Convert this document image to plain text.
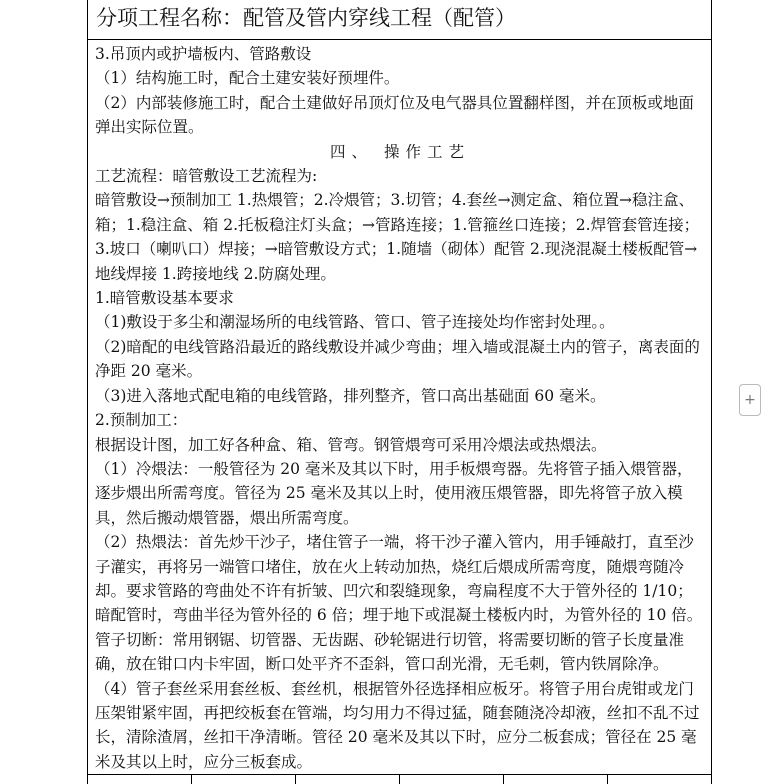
分项工程名称：配管及管内穿线工程（配管）

3.吊顶内或护墙板内、管路敷设

（1）结构施工时，配合土建安装好预埋件。

（2）内部装修施工时，配合土建做好吊顶灯位及电气器具位置翻样图，并在顶板或地面弹出实际位置。

四、 操作工艺

工艺流程：暗管敷设工艺流程为:

暗管敷设→预制加工 1.热煨管；2.冷煨管；3.切管；4.套丝→测定盒、箱位置→稳注盒、箱；1.稳注盒、箱 2.托板稳注灯头盒；→管路连接；1.管箍丝口连接；2.焊管套管连接；3.坡口（喇叭口）焊接；→暗管敷设方式；1.随墙（砌体）配管 2.现浇混凝土楼板配管→地线焊接 1.跨接地线 2.防腐处理。

1.暗管敷设基本要求

（1)敷设于多尘和潮湿场所的电线管路、管口、管子连接处均作密封处理。。

（2)暗配的电线管路沿最近的路线敷设并减少弯曲；埋入墙或混凝土内的管子，离表面的净距 20 毫米。

（3)进入落地式配电箱的电线管路，排列整齐，管口高出基础面 60 毫米。

2.预制加工：

根据设计图，加工好各种盒、箱、管弯。钢管煨弯可采用冷煨法或热煨法。

（1）冷煨法：一般管径为 20 毫米及其以下时，用手板煨弯器。先将管子插入煨管器，逐步煨出所需弯度。管径为 25 毫米及其以上时，使用液压煨管器，即先将管子放入模具，然后搬动煨管器，煨出所需弯度。

（2）热煨法：首先炒干沙子，堵住管子一端，将干沙子灌入管内，用手锤敲打，直至沙子灌实，再将另一端管口堵住，放在火上转动加热，烧红后煨成所需弯度，随煨弯随冷却。要求管路的弯曲处不许有折皱、凹穴和裂缝现象，弯扁程度不大于管外径的 1/10；暗配管时，弯曲半径为管外径的 6 倍；埋于地下或混凝土楼板内时，为管外径的 10 倍。

管子切断：常用钢锯、切管器、无齿踞、砂轮锯进行切管，将需要切断的管子长度量准确，放在钳口内卡牢固，断口处平齐不歪斜，管口刮光滑，无毛刺，管内铁屑除净。

（4）管子套丝采用套丝板、套丝机，根据管外径选择相应板牙。将管子用台虎钳或龙门压架钳紧牢固，再把绞板套在管端，均匀用力不得过猛，随套随浇冷却液，丝扣不乱不过长，清除渣屑，丝扣干净清晰。管径 20 毫米及其以下时，应分二板套成；管径在 25 毫米及其以上时，应分三板套成。

+
